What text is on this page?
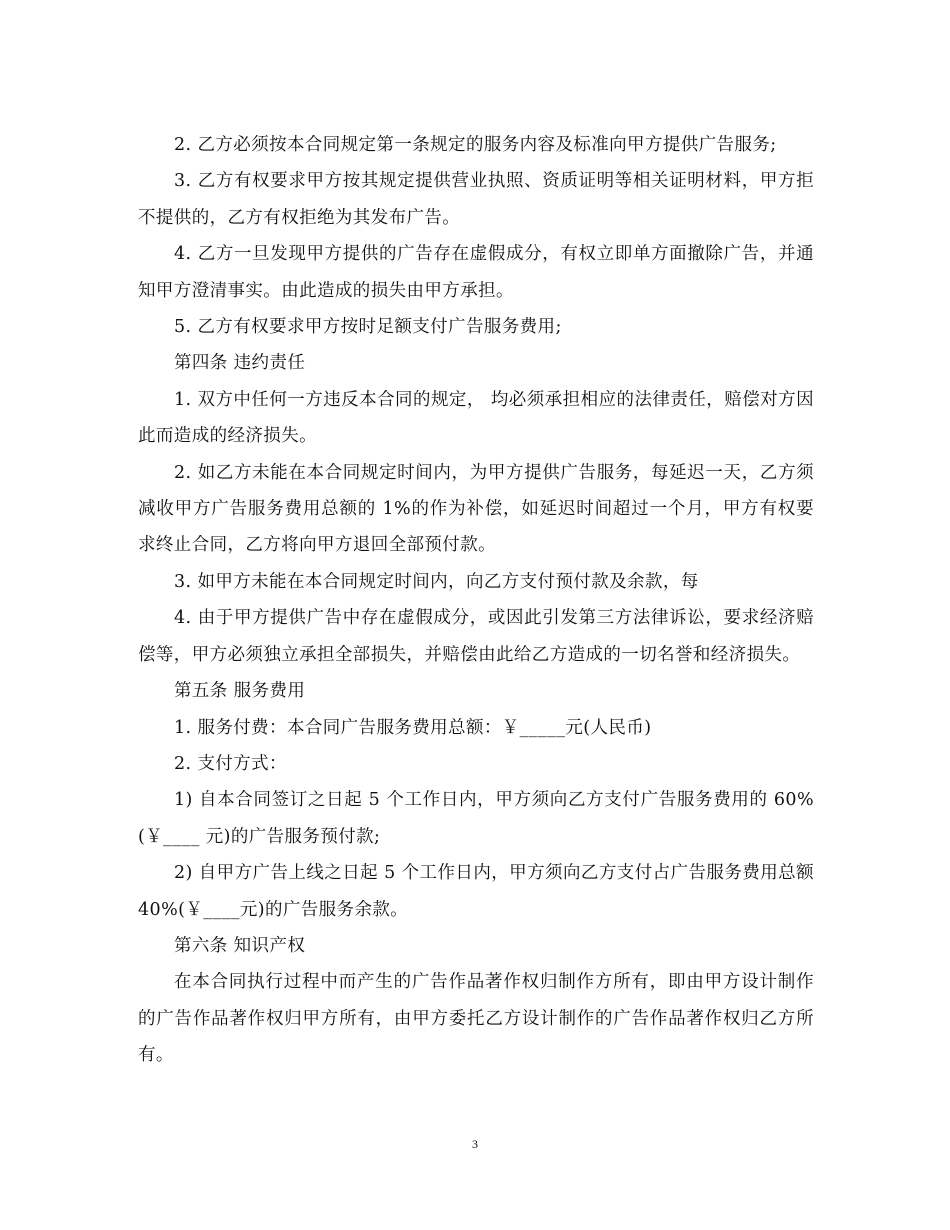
2. 乙方必须按本合同规定第一条规定的服务内容及标准向甲方提供广告服务;

3. 乙方有权要求甲方按其规定提供营业执照、资质证明等相关证明材料，甲方拒不提供的，乙方有权拒绝为其发布广告。

4. 乙方一旦发现甲方提供的广告存在虚假成分，有权立即单方面撤除广告，并通知甲方澄清事实。由此造成的损失由甲方承担。

5. 乙方有权要求甲方按时足额支付广告服务费用;

第四条 违约责任

1. 双方中任何一方违反本合同的规定， 均必须承担相应的法律责任，赔偿对方因此而造成的经济损失。

2. 如乙方未能在本合同规定时间内，为甲方提供广告服务，每延迟一天，乙方须减收甲方广告服务费用总额的 1%的作为补偿，如延迟时间超过一个月，甲方有权要求终止合同，乙方将向甲方退回全部预付款。

3. 如甲方未能在本合同规定时间内，向乙方支付预付款及余款，每

4. 由于甲方提供广告中存在虚假成分，或因此引发第三方法律诉讼，要求经济赔偿等，甲方必须独立承担全部损失，并赔偿由此给乙方造成的一切名誉和经济损失。

第五条 服务费用

1. 服务付费：本合同广告服务费用总额：￥_____元(人民币)

2. 支付方式：

1) 自本合同签订之日起 5 个工作日内，甲方须向乙方支付广告服务费用的 60%(￥____ 元)的广告服务预付款;

2) 自甲方广告上线之日起 5 个工作日内，甲方须向乙方支付占广告服务费用总额 40%(￥____元)的广告服务余款。

第六条 知识产权

在本合同执行过程中而产生的广告作品著作权归制作方所有，即由甲方设计制作的广告作品著作权归甲方所有，由甲方委托乙方设计制作的广告作品著作权归乙方所有。

3
